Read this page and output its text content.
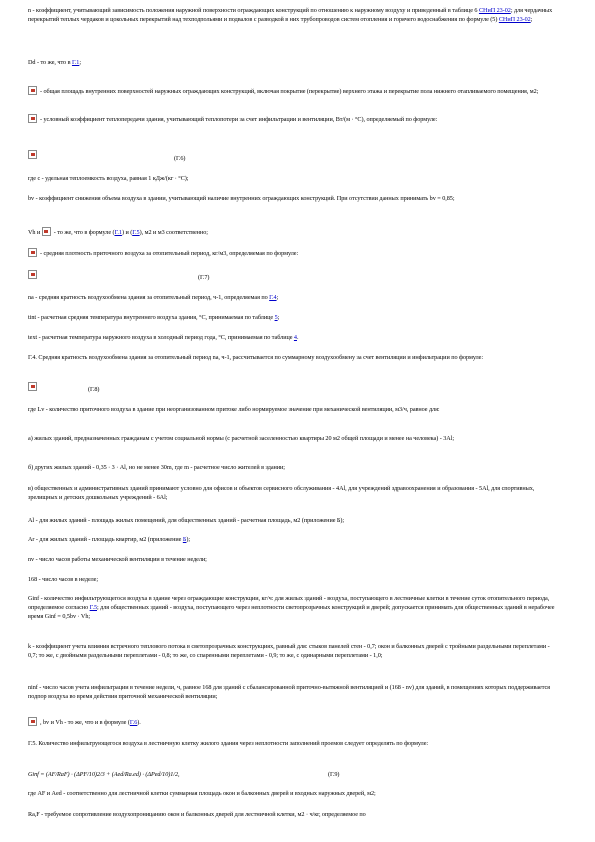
n - коэффициент, учитывающий зависимость положения наружной поверхности ограждающих конструкций по отношению к наружному воздуху и приведенный в таблице 6 СНиП 23-02; для чердачных перекрытий теплых чердаков и цокольных перекрытий над техподпольями и подвалов с разводкой в них трубопроводов систем отопления и горячего водоснабжения по формуле (5) СНиП 23-02;
Dd - то же, что в Г.1;
- общая площадь внутренних поверхностей наружных ограждающих конструкций, включая покрытие (перекрытие) верхнего этажа и перекрытие пола нижнего отапливаемого помещения, м2;
- условный коэффициент теплопередачи здания, учитывающий теплопотери за счет инфильтрации и вентиляции, Вт/(м · °С), определяемый по формуле:
(Г.6)
где с - удельная теплоемкость воздуха, равная 1 кДж/(кг · °С);
bv - коэффициент снижения объема воздуха в здании, учитывающий наличие внутренних ограждающих конструкций. При отсутствии данных принимать bv = 0,85;
Vh и - то же, что в формуле (Г.1) и (Г.5), м2 и м3 соответственно;
- средняя плотность приточного воздуха за отопительный период, кг/м3, определяемая по формуле:
(Г.7)
na - средняя кратность воздухообмена здания за отопительный период, ч-1, определяемая по Г.4;
tint - расчетная средняя температура внутреннего воздуха здания, °С, принимаемая по таблице 5;
text - расчетная температура наружного воздуха в холодный период года, °С, принимаемая по таблице 4.
Г.4. Средняя кратность воздухообмена здания за отопительный период na, ч-1, рассчитывается по суммарному воздухообмену за счет вентиляции и инфильтрации по формуле:
(Г.8)
где Lv - количество приточного воздуха в здание при неорганизованном притоке либо нормируемое значение при механической вентиляции, м3/ч, равное для:
а) жилых зданий, предназначенных гражданам с учетом социальной нормы (с расчетной заселенностью квартиры 20 м2 общей площади и менее на человека) - 3Al;
б) других жилых зданий - 0,35 · 3 · Al, но не менее 30m, где m - расчетное число жителей в здании;
в) общественных и административных зданий принимают условно для офисов и объектов сервисного обслуживания - 4Al, для учреждений здравоохранения и образования - 5Al, для спортивных, зрелищных и детских дошкольных учреждений - 6Al;
Al - для жилых зданий - площадь жилых помещений, для общественных зданий - расчетная площадь, м2 (приложение Б);
Ar - для жилых зданий - площадь квартир, м2 (приложение Б);
nv - число часов работы механической вентиляции в течение недели;
168 - число часов в неделе;
Ginf - количество инфильтрующегося воздуха в здание через ограждающие конструкции, кг/ч: для жилых зданий - воздуха, поступающего в лестничные клетки в течение суток отопительного периода, определяемое согласно Г.5; для общественных зданий - воздуха, поступающего через неплотности светопрозрачных конструкций и дверей; допускается принимать для общественных зданий в нерабочее время Ginf = 0,5bv · Vh;
k - коэффициент учета влияния встречного теплового потока в светопрозрачных конструкциях, равный для: стыков панелей стен - 0,7; окон и балконных дверей с тройными раздельными переплетами - 0,7; то же, с двойными раздельными переплетами - 0,8; то же, со спаренными переплетами - 0,9; то же, с одинарными переплетами - 1,0;
ninf - число часов учета инфильтрации в течение недели, ч, равное 168 для зданий с сбалансированной приточно-вытяжной вентиляцией и (168 - nv) для зданий, в помещениях которых поддерживается подпор воздуха во время действия приточной механической вентиляции;
, bv и Vh - то же, что и в формуле (Г.6).
Г.5. Количество инфильтрующегося воздуха в лестничную клетку жилого здания через неплотности заполнений проемов следует определять по формуле:
Ginf = (AF/RaF) · (ΔPF/10)2/3 + (Aed/Ra.ed) · (ΔPed/10)1/2,	(Г.9)
где AF и Aed - соответственно для лестничной клетки суммарная площадь окон и балконных дверей и входных наружных дверей, м2;
Ra,F - требуемое сопротивление воздухопроницанию окон и балконных дверей для лестничной клетки, м2 · ч/кг, определяемое по
